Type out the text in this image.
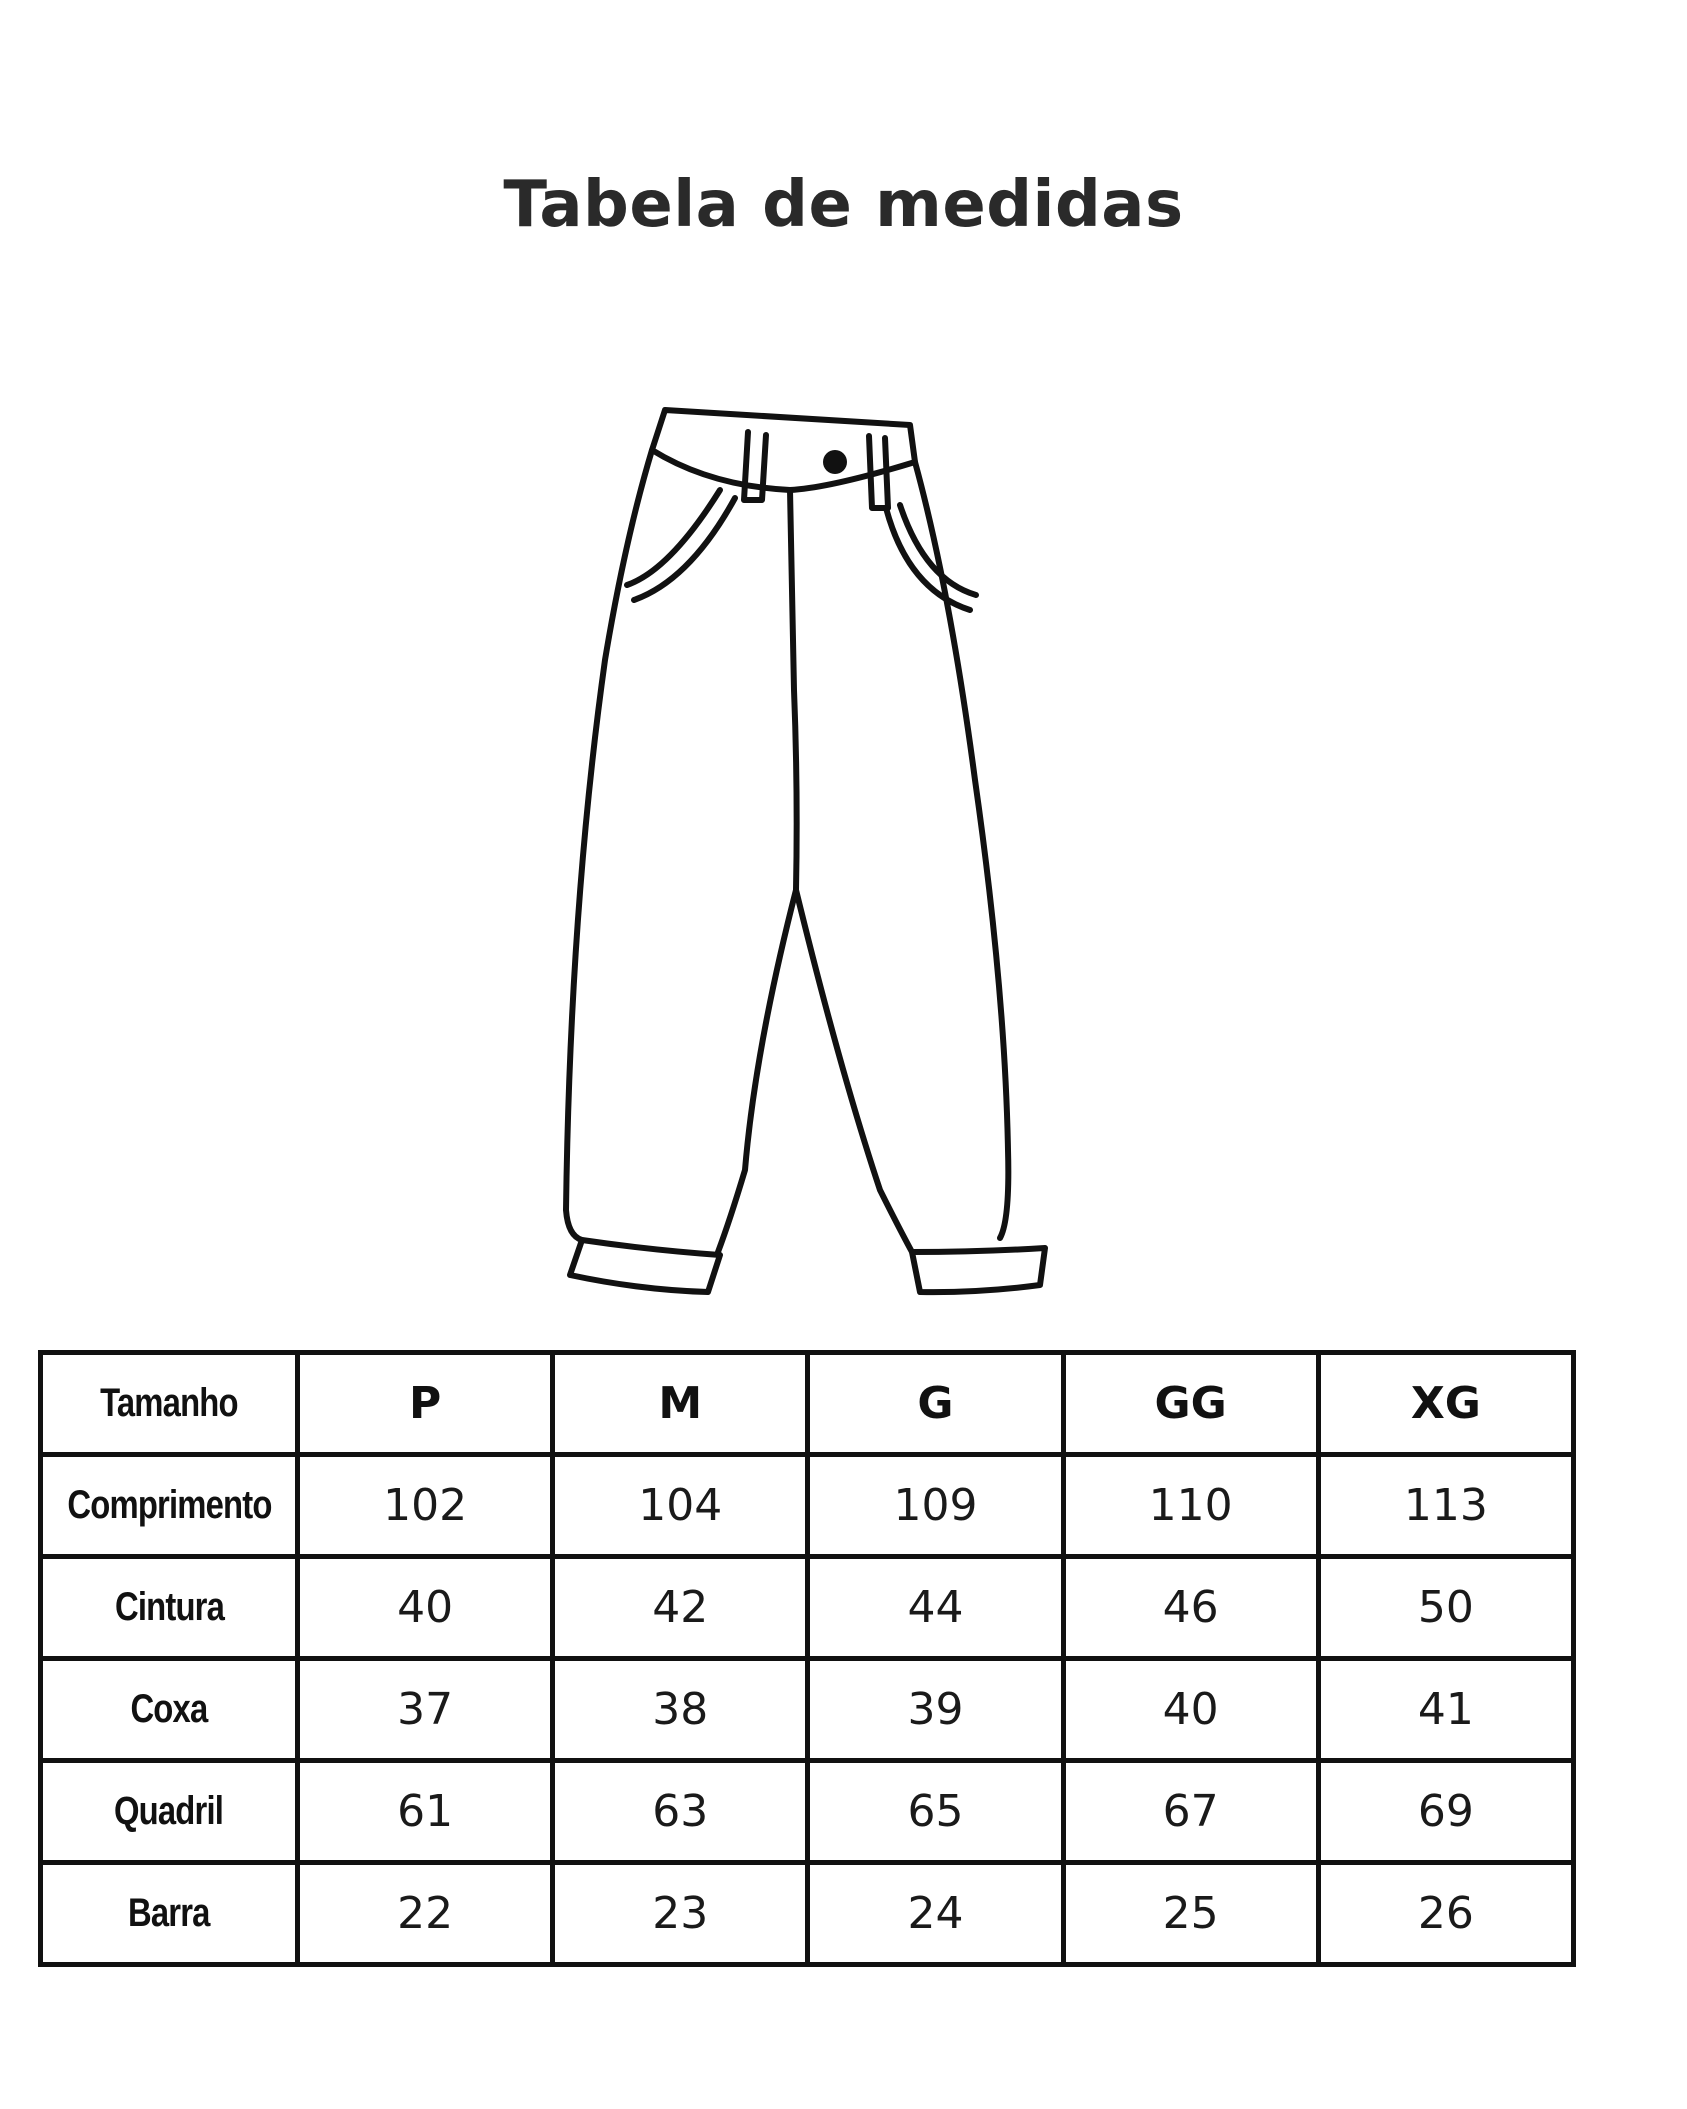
Tabela de medidas
Tamanho	P	M	G	GG	XG
Comprimento	102	104	109	110	113
Cintura	40	42	44	46	50
Coxa	37	38	39	40	41
Quadril	61	63	65	67	69
Barra	22	23	24	25	26
